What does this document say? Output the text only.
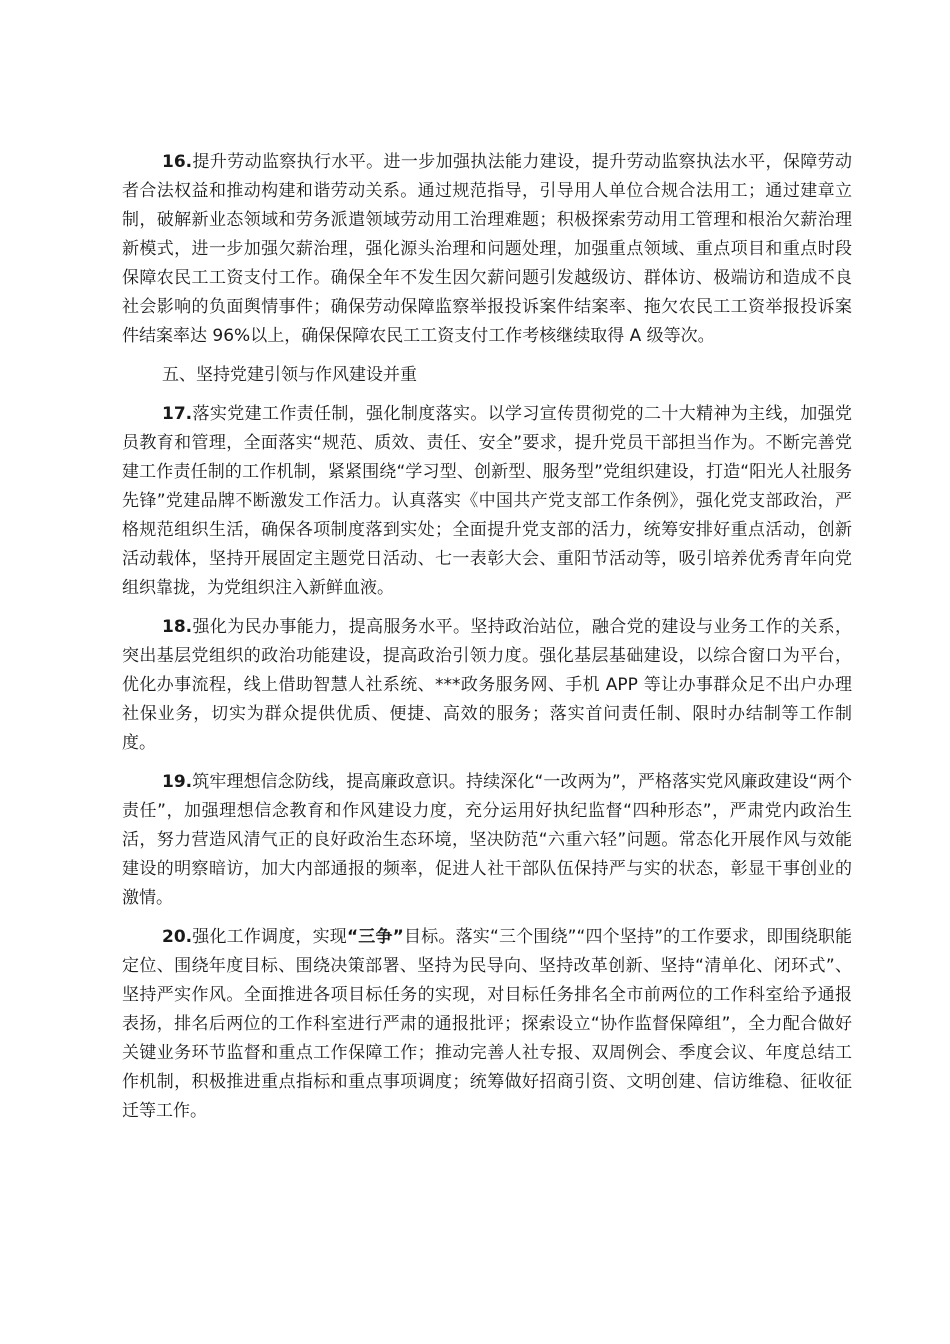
16.提升劳动监察执行水平。进一步加强执法能力建设，提升劳动监察执法水平，保障劳动者合法权益和推动构建和谐劳动关系。通过规范指导，引导用人单位合规合法用工；通过建章立制，破解新业态领域和劳务派遣领域劳动用工治理难题；积极探索劳动用工管理和根治欠薪治理新模式，进一步加强欠薪治理，强化源头治理和问题处理，加强重点领域、重点项目和重点时段保障农民工工资支付工作。确保全年不发生因欠薪问题引发越级访、群体访、极端访和造成不良社会影响的负面舆情事件；确保劳动保障监察举报投诉案件结案率、拖欠农民工工资举报投诉案件结案率达 96%以上，确保保障农民工工资支付工作考核继续取得 A 级等次。

五、坚持党建引领与作风建设并重

17.落实党建工作责任制，强化制度落实。以学习宣传贯彻党的二十大精神为主线，加强党员教育和管理，全面落实“规范、质效、责任、安全”要求，提升党员干部担当作为。不断完善党建工作责任制的工作机制，紧紧围绕“学习型、创新型、服务型”党组织建设，打造“阳光人社服务先锋”党建品牌不断激发工作活力。认真落实《中国共产党支部工作条例》，强化党支部政治，严格规范组织生活，确保各项制度落到实处；全面提升党支部的活力，统筹安排好重点活动，创新活动载体，坚持开展固定主题党日活动、七一表彰大会、重阳节活动等，吸引培养优秀青年向党组织靠拢，为党组织注入新鲜血液。

18.强化为民办事能力，提高服务水平。坚持政治站位，融合党的建设与业务工作的关系，突出基层党组织的政治功能建设，提高政治引领力度。强化基层基础建设，以综合窗口为平台，优化办事流程，线上借助智慧人社系统、***政务服务网、手机 APP 等让办事群众足不出户办理社保业务，切实为群众提供优质、便捷、高效的服务；落实首问责任制、限时办结制等工作制度。

19.筑牢理想信念防线，提高廉政意识。持续深化“一改两为”，严格落实党风廉政建设“两个责任”，加强理想信念教育和作风建设力度，充分运用好执纪监督“四种形态”，严肃党内政治生活，努力营造风清气正的良好政治生态环境，坚决防范“六重六轻”问题。常态化开展作风与效能建设的明察暗访，加大内部通报的频率，促进人社干部队伍保持严与实的状态，彰显干事创业的激情。

20.强化工作调度，实现“三争”目标。落实“三个围绕”“四个坚持”的工作要求，即围绕职能定位、围绕年度目标、围绕决策部署、坚持为民导向、坚持改革创新、坚持“清单化、闭环式”、坚持严实作风。全面推进各项目标任务的实现，对目标任务排名全市前两位的工作科室给予通报表扬，排名后两位的工作科室进行严肃的通报批评；探索设立“协作监督保障组”，全力配合做好关键业务环节监督和重点工作保障工作；推动完善人社专报、双周例会、季度会议、年度总结工作机制，积极推进重点指标和重点事项调度；统筹做好招商引资、文明创建、信访维稳、征收征迁等工作。
